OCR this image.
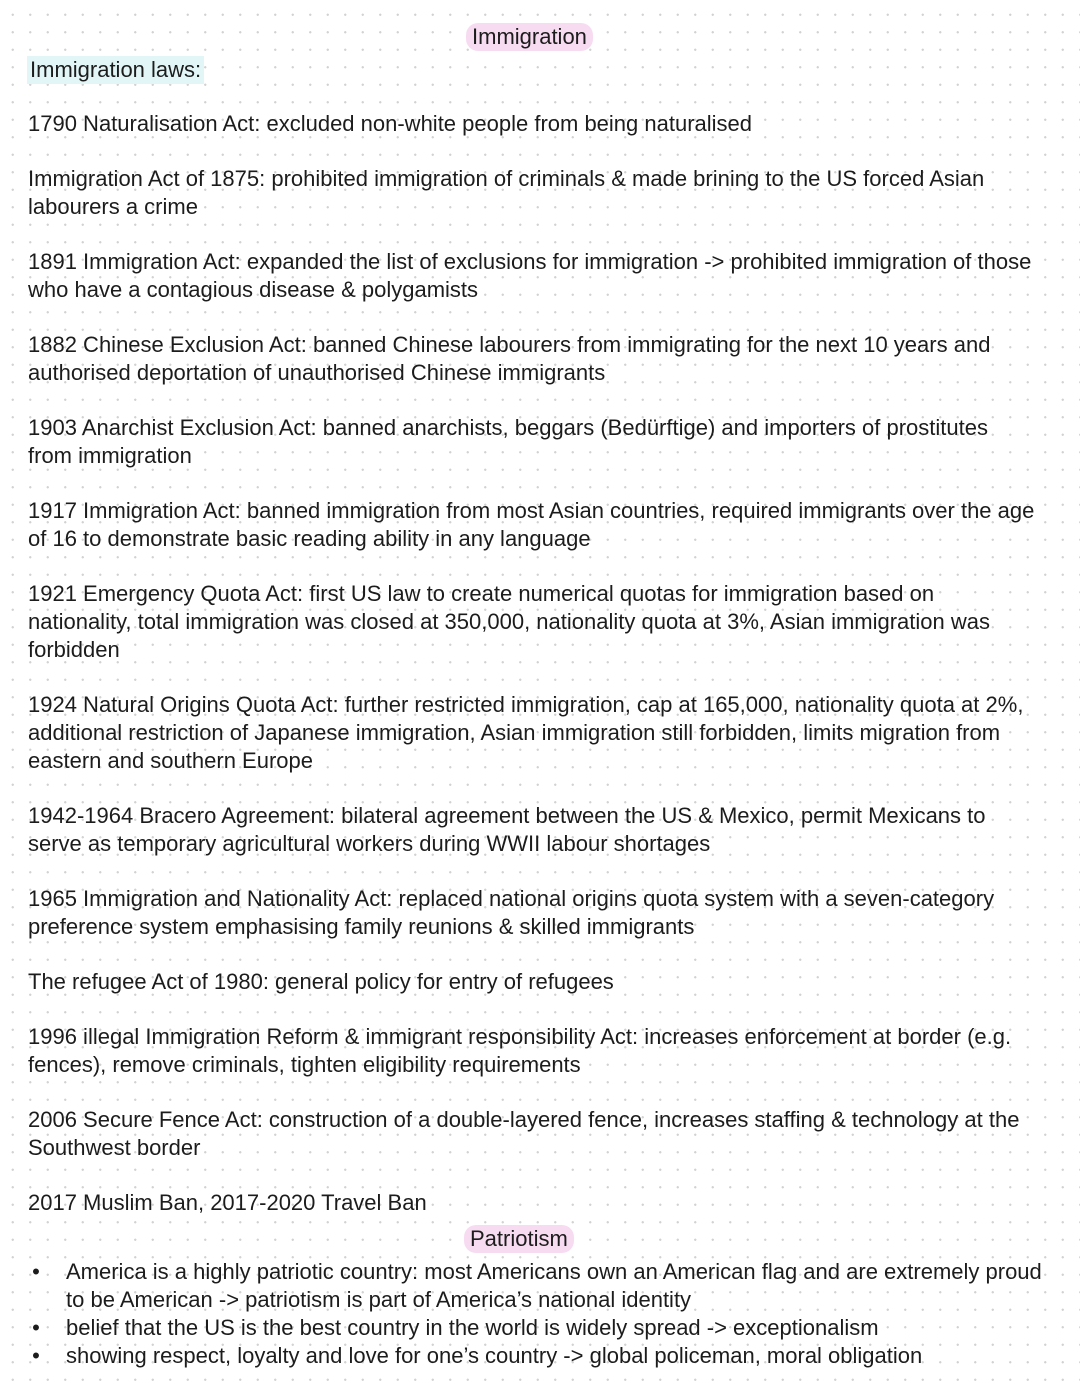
Immigration
Immigration laws:
1790 Naturalisation Act: excluded non-white people from being naturalised
Immigration Act of 1875: prohibited immigration of criminals & made brining to the US forced Asian labourers a crime
1891 Immigration Act: expanded the list of exclusions for immigration -> prohibited immigration of those who have a contagious disease & polygamists
1882 Chinese Exclusion Act: banned Chinese labourers from immigrating for the next 10 years and authorised deportation of unauthorised Chinese immigrants
1903 Anarchist Exclusion Act: banned anarchists, beggars (Bedürftige) and importers of prostitutes from immigration
1917 Immigration Act: banned immigration from most Asian countries, required immigrants over the age of 16 to demonstrate basic reading ability in any language
1921 Emergency Quota Act: first US law to create numerical quotas for immigration based on nationality, total immigration was closed at 350,000, nationality quota at 3%, Asian immigration was forbidden
1924 Natural Origins Quota Act: further restricted immigration, cap at 165,000, nationality quota at 2%, additional restriction of Japanese immigration, Asian immigration still forbidden, limits migration from eastern and southern Europe
1942-1964 Bracero Agreement: bilateral agreement between the US & Mexico, permit Mexicans to serve as temporary agricultural workers during WWII labour shortages
1965 Immigration and Nationality Act: replaced national origins quota system with a seven-category preference system emphasising family reunions & skilled immigrants
The refugee Act of 1980: general policy for entry of refugees
1996 illegal Immigration Reform & immigrant responsibility Act: increases enforcement at border (e.g. fences), remove criminals, tighten eligibility requirements
2006 Secure Fence Act: construction of a double-layered fence, increases staffing & technology at the Southwest border
2017 Muslim Ban, 2017-2020 Travel Ban
Patriotism
• America is a highly patriotic country: most Americans own an American flag and are extremely proud to be American -> patriotism is part of America’s national identity
• belief that the US is the best country in the world is widely spread -> exceptionalism
• showing respect, loyalty and love for one’s country -> global policeman, moral obligation
